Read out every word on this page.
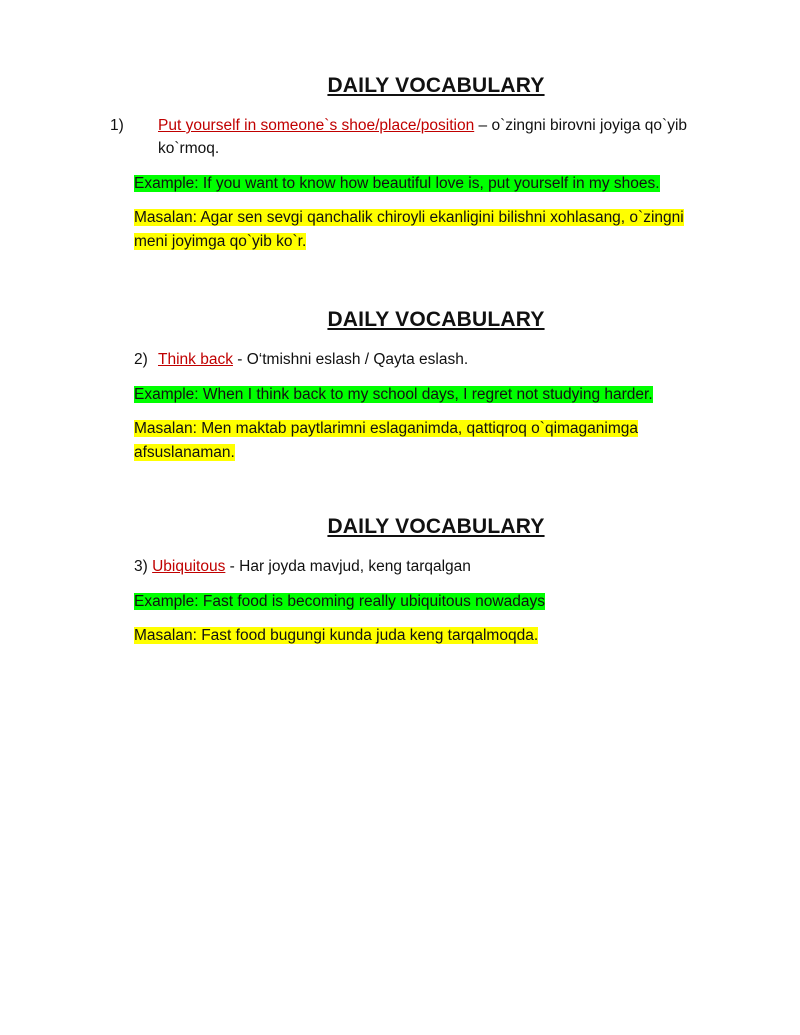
DAILY VOCABULARY

1) Put yourself in someone`s shoe/place/position – o`zingni birovni joyiga qo`yib
ko`rmoq.

Example: If you want to know how beautiful love is, put yourself in my shoes.

Masalan: Agar sen sevgi qanchalik chiroyli ekanligini bilishni xohlasang, o`zingni
meni joyimga qo`yib ko`r.

DAILY VOCABULARY

2) Think back - O‘tmishni eslash / Qayta eslash.

Example: When I think back to my school days, I regret not studying harder.

Masalan: Men maktab paytlarimni eslaganimda, qattiqroq o`qimaganimga
afsuslanaman.

DAILY VOCABULARY

3) Ubiquitous - Har joyda mavjud, keng tarqalgan

Example: Fast food is becoming really ubiquitous nowadays

Masalan: Fast food bugungi kunda juda keng tarqalmoqda.
